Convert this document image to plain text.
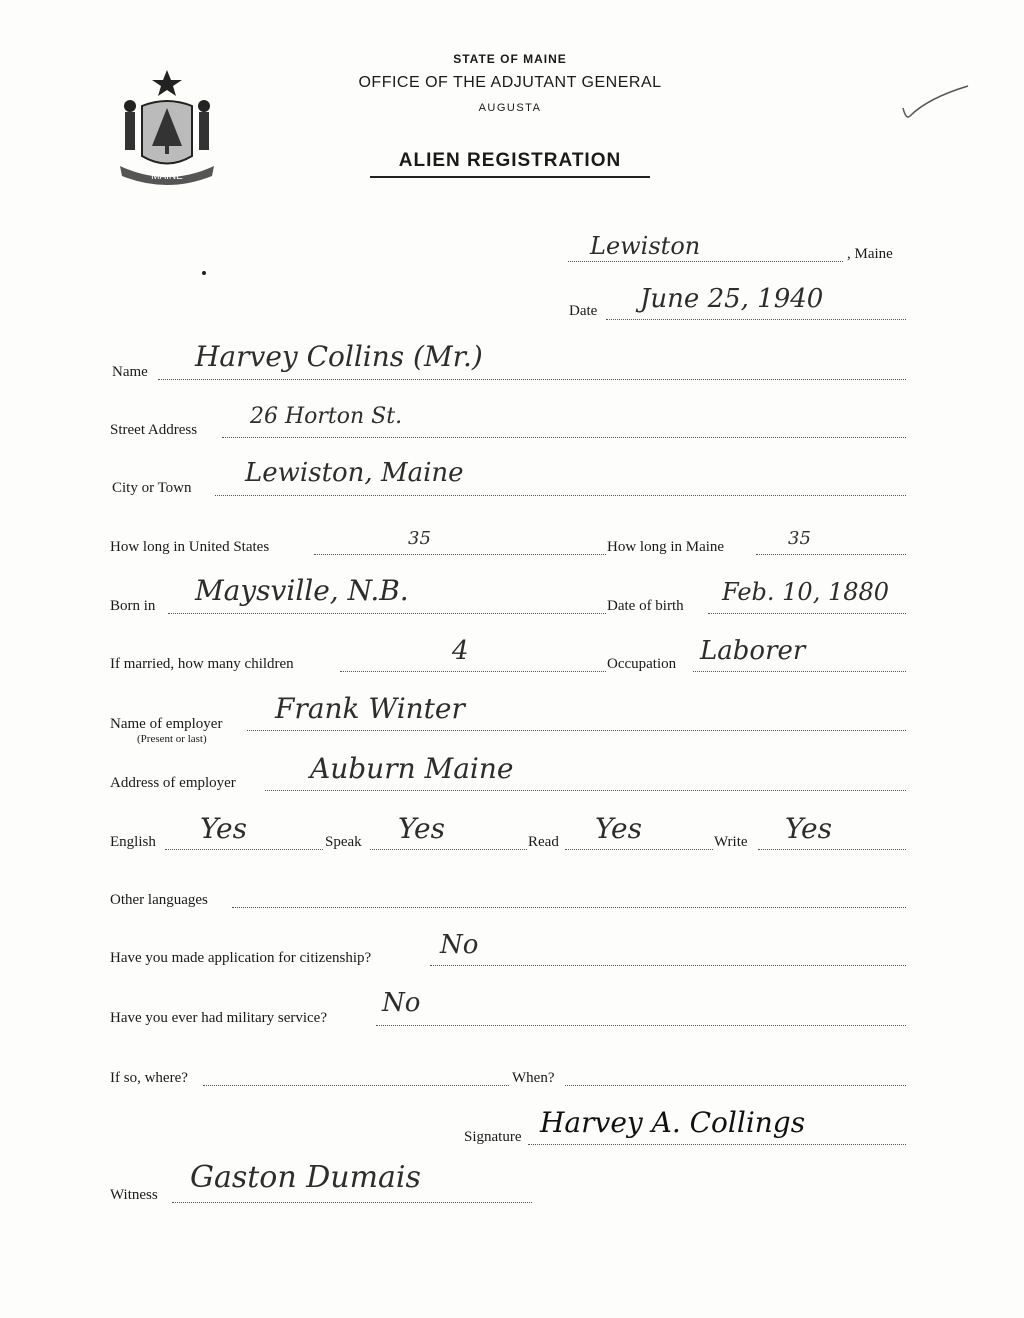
MAINE
STATE OF MAINE
OFFICE OF THE ADJUTANT GENERAL
AUGUSTA
ALIEN REGISTRATION
Lewiston	, Maine
Date June 25, 1940
Name Harvey Collins (Mr.)
Street Address
26 Horton St.
City or Town Lewiston, Maine
How long in United States	35	How long in Maine	35
Born in Maysville, N.B.	Date of birth Feb. 10, 1880
If married, how many children	4	Occupation Laborer
Name of employer
(Present or last)
Frank Winter
Address of employer	Auburn Maine
English Yes	Speak Yes	Read Yes	Write Yes
Other languages
Have you made application for citizenship?	No
Have you ever had military service? No
If so, where?	When?
Signature Harvey A. Collings
Witness Gaston Dumais
